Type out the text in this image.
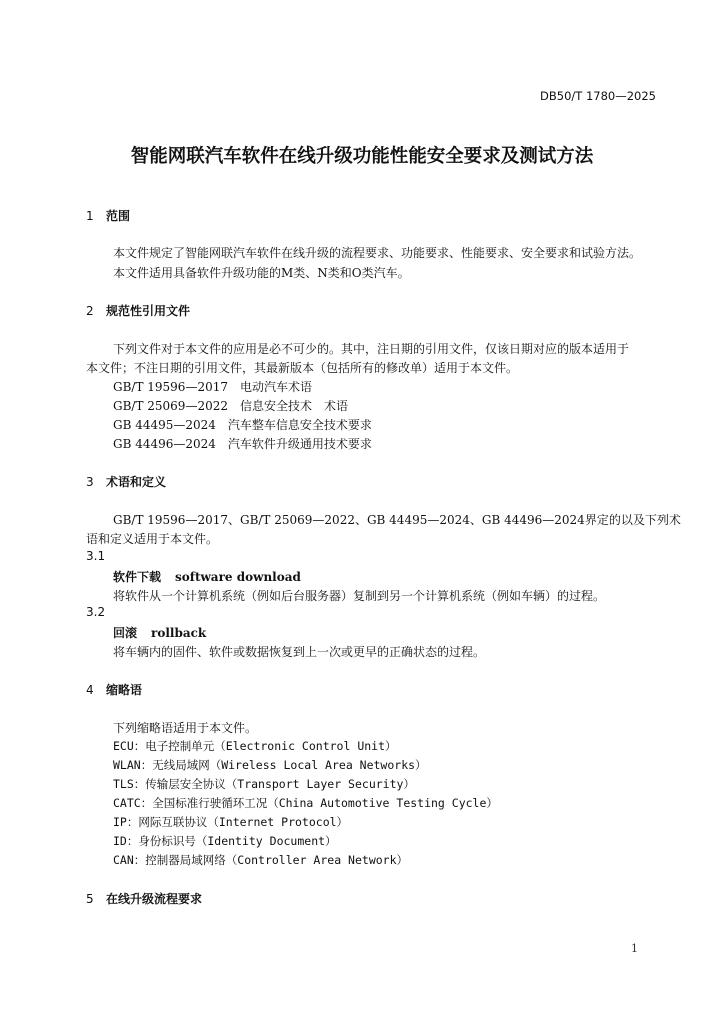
DB50/T 1780—2025
智能网联汽车软件在线升级功能性能安全要求及测试方法
1 范围
本文件规定了智能网联汽车软件在线升级的流程要求、功能要求、性能要求、安全要求和试验方法。
本文件适用具备软件升级功能的M类、N类和O类汽车。
2 规范性引用文件
下列文件对于本文件的应用是必不可少的。其中，注日期的引用文件，仅该日期对应的版本适用于
本文件；不注日期的引用文件，其最新版本（包括所有的修改单）适用于本文件。
GB/T 19596—2017　电动汽车术语
GB/T 25069—2022　信息安全技术　术语
GB 44495—2024　汽车整车信息安全技术要求
GB 44496—2024　汽车软件升级通用技术要求
3 术语和定义
GB/T 19596—2017、GB/T 25069—2022、GB 44495—2024、GB 44496—2024界定的以及下列术
语和定义适用于本文件。
3.1
软件下载 software download
将软件从一个计算机系统（例如后台服务器）复制到另一个计算机系统（例如车辆）的过程。
3.2
回滚 rollback
将车辆内的固件、软件或数据恢复到上一次或更早的正确状态的过程。
4 缩略语
下列缩略语适用于本文件。
ECU：电子控制单元（Electronic Control Unit）
WLAN：无线局域网（Wireless Local Area Networks）
TLS：传输层安全协议（Transport Layer Security）
CATC：全国标准行驶循环工况（China Automotive Testing Cycle）
IP：网际互联协议（Internet Protocol）
ID：身份标识号（Identity Document）
CAN：控制器局域网络（Controller Area Network）
5 在线升级流程要求
1
